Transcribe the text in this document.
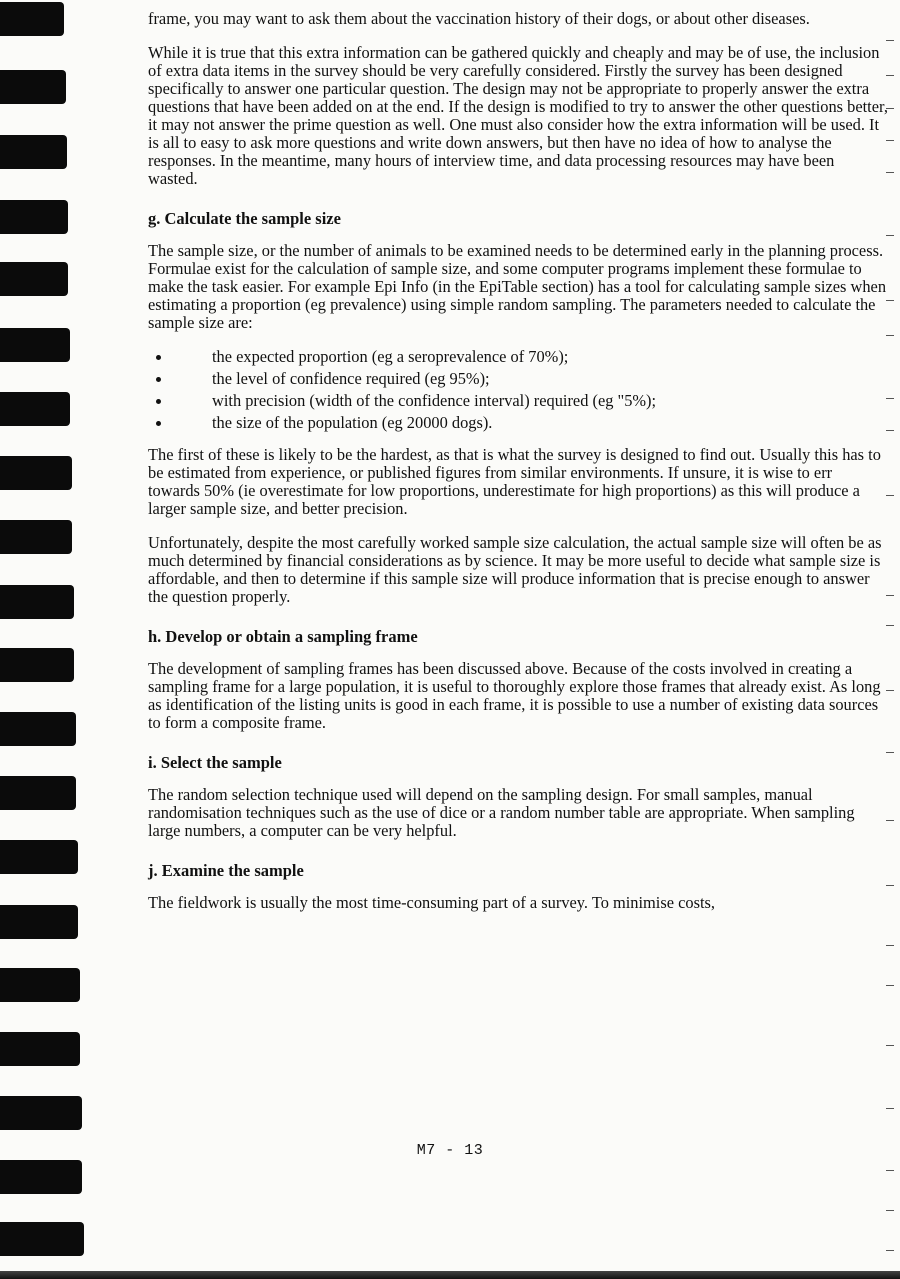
frame, you may want to ask them about the vaccination history of their dogs, or about other diseases.

While it is true that this extra information can be gathered quickly and cheaply and may be of use, the inclusion of extra data items in the survey should be very carefully considered. Firstly the survey has been designed specifically to answer one particular question. The design may not be appropriate to properly answer the extra questions that have been added on at the end. If the design is modified to try to answer the other questions better, it may not answer the prime question as well. One must also consider how the extra information will be used. It is all to easy to ask more questions and write down answers, but then have no idea of how to analyse the responses. In the meantime, many hours of interview time, and data processing resources may have been wasted.

g. Calculate the sample size

The sample size, or the number of animals to be examined needs to be determined early in the planning process. Formulae exist for the calculation of sample size, and some computer programs implement these formulae to make the task easier. For example Epi Info (in the EpiTable section) has a tool for calculating sample sizes when estimating a proportion (eg prevalence) using simple random sampling. The parameters needed to calculate the sample size are:

the expected proportion (eg a seroprevalence of 70%);
the level of confidence required (eg 95%);
with precision (width of the confidence interval) required (eg "5%);
the size of the population (eg 20000 dogs).

The first of these is likely to be the hardest, as that is what the survey is designed to find out. Usually this has to be estimated from experience, or published figures from similar environments. If unsure, it is wise to err towards 50% (ie overestimate for low proportions, underestimate for high proportions) as this will produce a larger sample size, and better precision.

Unfortunately, despite the most carefully worked sample size calculation, the actual sample size will often be as much determined by financial considerations as by science. It may be more useful to decide what sample size is affordable, and then to determine if this sample size will produce information that is precise enough to answer the question properly.

h. Develop or obtain a sampling frame

The development of sampling frames has been discussed above. Because of the costs involved in creating a sampling frame for a large population, it is useful to thoroughly explore those frames that already exist. As long as identification of the listing units is good in each frame, it is possible to use a number of existing data sources to form a composite frame.

i. Select the sample

The random selection technique used will depend on the sampling design. For small samples, manual randomisation techniques such as the use of dice or a random number table are appropriate. When sampling large numbers, a computer can be very helpful.

j. Examine the sample

The fieldwork is usually the most time-consuming part of a survey. To minimise costs,

M7 - 13
